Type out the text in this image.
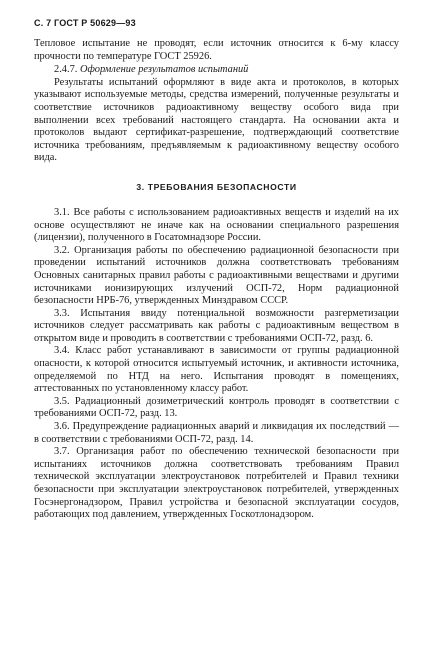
С. 7 ГОСТ Р 50629—93

Тепловое испытание не проводят, если источник относится к 6-му классу прочности по температуре ГОСТ 25926.

2.4.7. Оформление результатов испытаний

Результаты испытаний оформляют в виде акта и протоколов, в которых указывают используемые методы, средства измерений, полученные результаты и соответствие источников радиоактивному веществу особого вида при выполнении всех требований настоящего стандарта. На основании акта и протоколов выдают сертификат-разрешение, подтверждающий соответствие источника требованиям, предъявляемым к радиоактивному веществу особого вида.

3. ТРЕБОВАНИЯ БЕЗОПАСНОСТИ

3.1. Все работы с использованием радиоактивных веществ и изделий на их основе осуществляют не иначе как на основании специального разрешения (лицензии), полученного в Госатомнадзоре России.

3.2. Организация работы по обеспечению радиационной безопасности при проведении испытаний источников должна соответствовать требованиям Основных санитарных правил работы с радиоактивными веществами и другими источниками ионизирующих излучений ОСП-72, Норм радиационной безопасности НРБ-76, утвержденных Минздравом СССР.

3.3. Испытания ввиду потенциальной возможности разгерметизации источников следует рассматривать как работы с радиоактивным веществом в открытом виде и проводить в соответствии с требованиями ОСП-72, разд. 6.

3.4. Класс работ устанавливают в зависимости от группы радиационной опасности, к которой относится испытуемый источник, и активности источника, определяемой по НТД на него. Испытания проводят в помещениях, аттестованных по установленному классу работ.

3.5. Радиационный дозиметрический контроль проводят в соответствии с требованиями ОСП-72, разд. 13.

3.6. Предупреждение радиационных аварий и ликвидация их последствий — в соответствии с требованиями ОСП-72, разд. 14.

3.7. Организация работ по обеспечению технической безопасности при испытаниях источников должна соответствовать требованиям Правил технической эксплуатации электроустановок потребителей и Правил техники безопасности при эксплуатации электроустановок потребителей, утвержденных Госэнергонадзором, Правил устройства и безопасной эксплуатации сосудов, работающих под давлением, утвержденных Госкотлонадзором.
